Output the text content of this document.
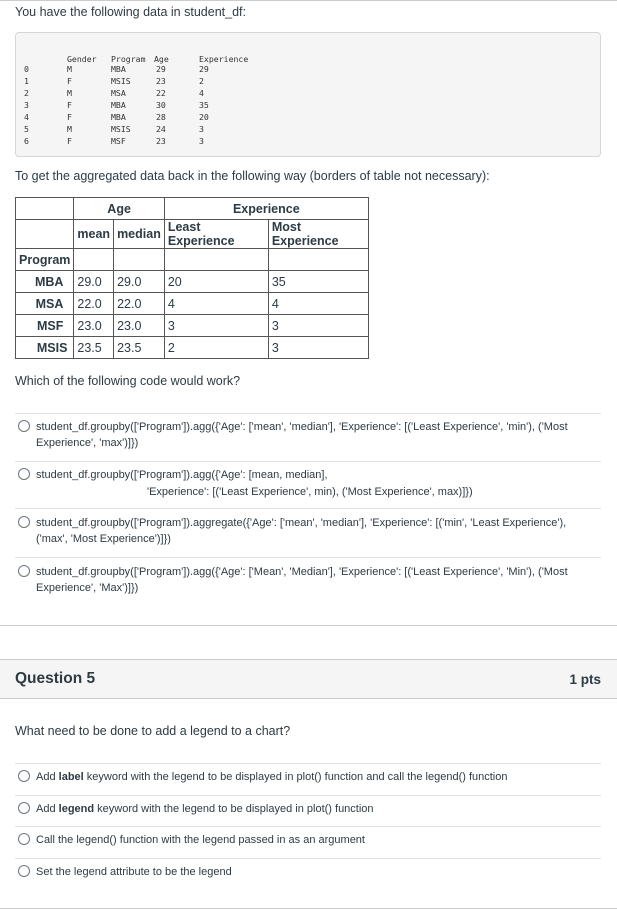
You have the following data in student_df:
Gender Program Age	Experience
0	M	MBA	29	29
1	F	MSIS	23	2
2	M	MSA	22	4
3	F	MBA	30	35
4	F	MBA	28	20
5	M	MSIS	24	3
6	F	MSF	23	3
To get the aggregated data back in the following way (borders of table not necessary):
	Age		Experience	
	mean	median	Least Experience	Most Experience
Program				
MBA	29.0	29.0	20	35
MSA	22.0	22.0	4	4
MSF	23.0	23.0	3	3
MSIS	23.5	23.5	2	3
Which of the following code would work?
student_df.groupby(['Program']).agg({'Age': ['mean', 'median'], 'Experience': [('Least Experience', 'min'), ('Most Experience', 'max')]})
student_df.groupby(['Program']).agg({'Age': [mean, median],
'Experience': [('Least Experience', min), ('Most Experience', max)]})
student_df.groupby(['Program']).aggregate({'Age': ['mean', 'median'], 'Experience': [('min', 'Least Experience'), ('max', 'Most Experience')]})
student_df.groupby(['Program']).agg({'Age': ['Mean', 'Median'], 'Experience': [('Least Experience', 'Min'), ('Most Experience', 'Max')]})
Question 5	1 pts
What need to be done to add a legend to a chart?
Add label keyword with the legend to be displayed in plot() function and call the legend() function
Add legend keyword with the legend to be displayed in plot() function
Call the legend() function with the legend passed in as an argument
Set the legend attribute to be the legend
